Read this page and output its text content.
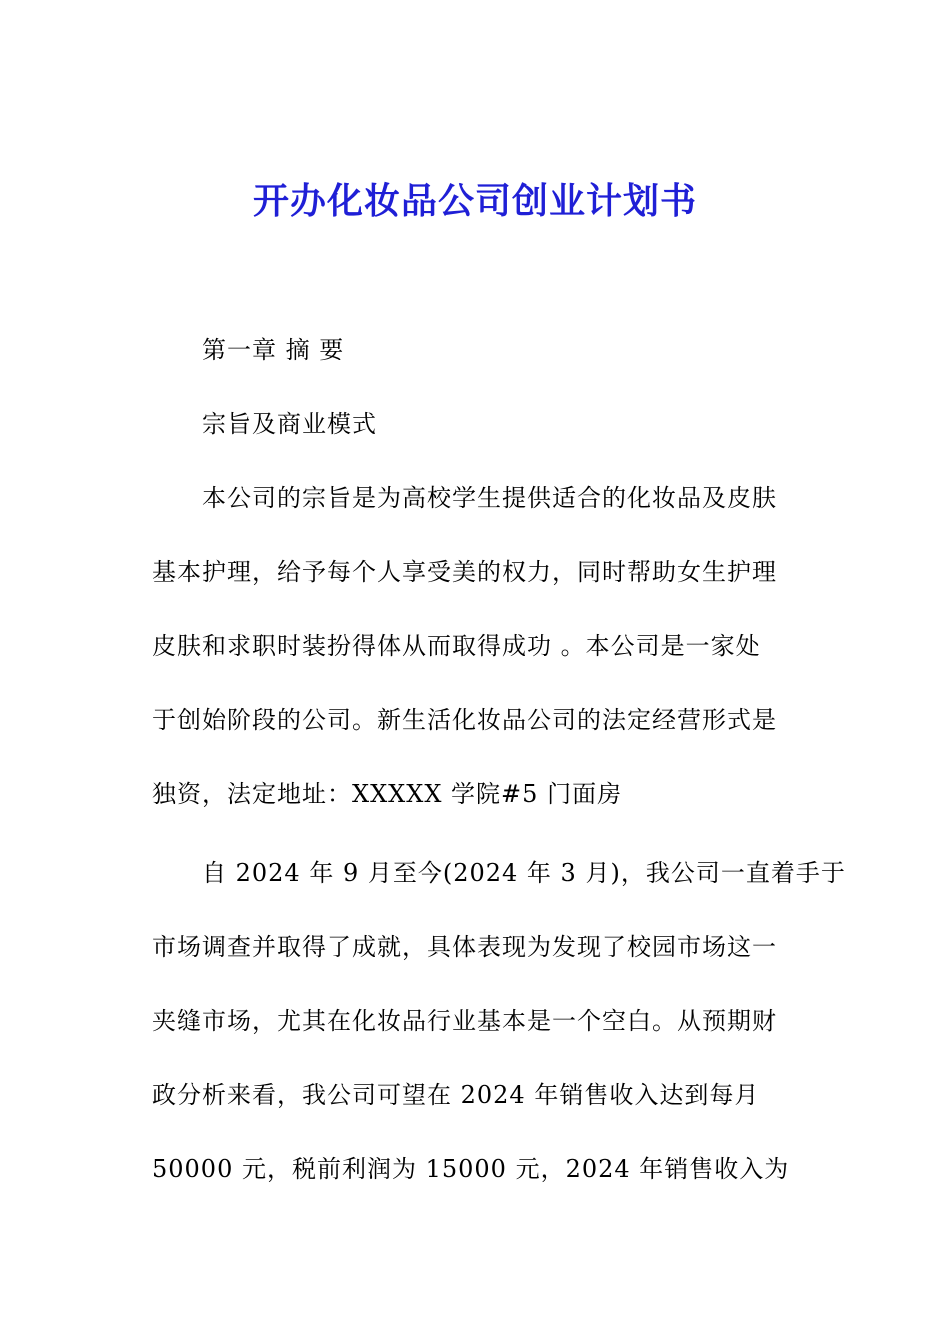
开办化妆品公司创业计划书
第一章 摘 要
宗旨及商业模式
本公司的宗旨是为高校学生提供适合的化妆品及皮肤
基本护理，给予每个人享受美的权力，同时帮助女生护理
皮肤和求职时装扮得体从而取得成功 。本公司是一家处
于创始阶段的公司。新生活化妆品公司的法定经营形式是
独资，法定地址：XXXXX 学院#5 门面房
自 2024 年 9 月至今(2024 年 3 月)，我公司一直着手于
市场调查并取得了成就，具体表现为发现了校园市场这一
夹缝市场，尤其在化妆品行业基本是一个空白。从预期财
政分析来看，我公司可望在 2024 年销售收入达到每月
50000 元，税前利润为 15000 元，2024 年销售收入为
